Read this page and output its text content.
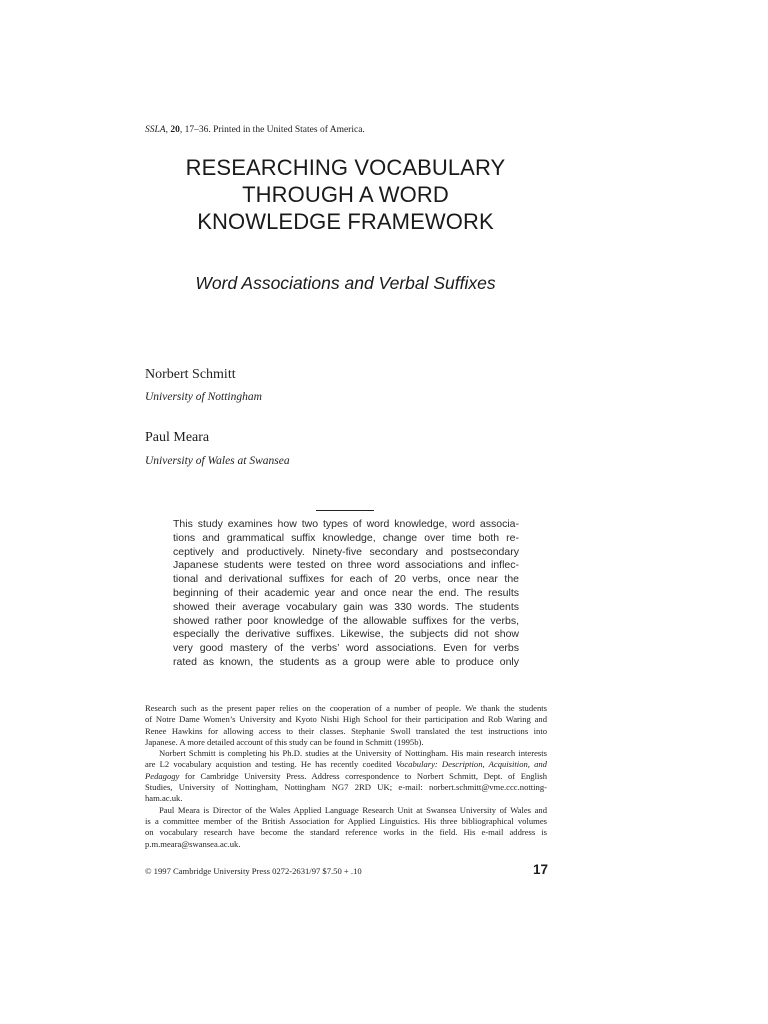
SSLA, 20, 17–36. Printed in the United States of America.
RESEARCHING VOCABULARY
THROUGH A WORD
KNOWLEDGE FRAMEWORK
Word Associations and Verbal Suffixes
Norbert Schmitt
University of Nottingham
Paul Meara
University of Wales at Swansea
This study examines how two types of word knowledge, word associa-
tions and grammatical suffix knowledge, change over time both re-
ceptively and productively. Ninety-five secondary and postsecondary
Japanese students were tested on three word associations and inflec-
tional and derivational suffixes for each of 20 verbs, once near the
beginning of their academic year and once near the end. The results
showed their average vocabulary gain was 330 words. The students
showed rather poor knowledge of the allowable suffixes for the verbs,
especially the derivative suffixes. Likewise, the subjects did not show
very good mastery of the verbs’ word associations. Even for verbs
rated as known, the students as a group were able to produce only
Research such as the present paper relies on the cooperation of a number of people. We thank the students
of Notre Dame Women’s University and Kyoto Nishi High School for their participation and Rob Waring and
Renee Hawkins for allowing access to their classes. Stephanie Swoll translated the test instructions into
Japanese. A more detailed account of this study can be found in Schmitt (1995b).
Norbert Schmitt is completing his Ph.D. studies at the University of Nottingham. His main research interests
are L2 vocabulary acquistion and testing. He has recently coedited Vocabulary: Description, Acquisition, and
Pedagogy for Cambridge University Press. Address correspondence to Norbert Schmitt, Dept. of English
Studies, University of Nottingham, Nottingham NG7 2RD UK; e-mail: norbert.schmitt@vme.ccc.notting-
ham.ac.uk.
Paul Meara is Director of the Wales Applied Language Research Unit at Swansea University of Wales and
is a committee member of the British Association for Applied Linguistics. His three bibliographical volumes
on vocabulary research have become the standard reference works in the field. His e-mail address is
p.m.meara@swansea.ac.uk.
© 1997 Cambridge University Press 0272-2631/97 $7.50 + .10	17
